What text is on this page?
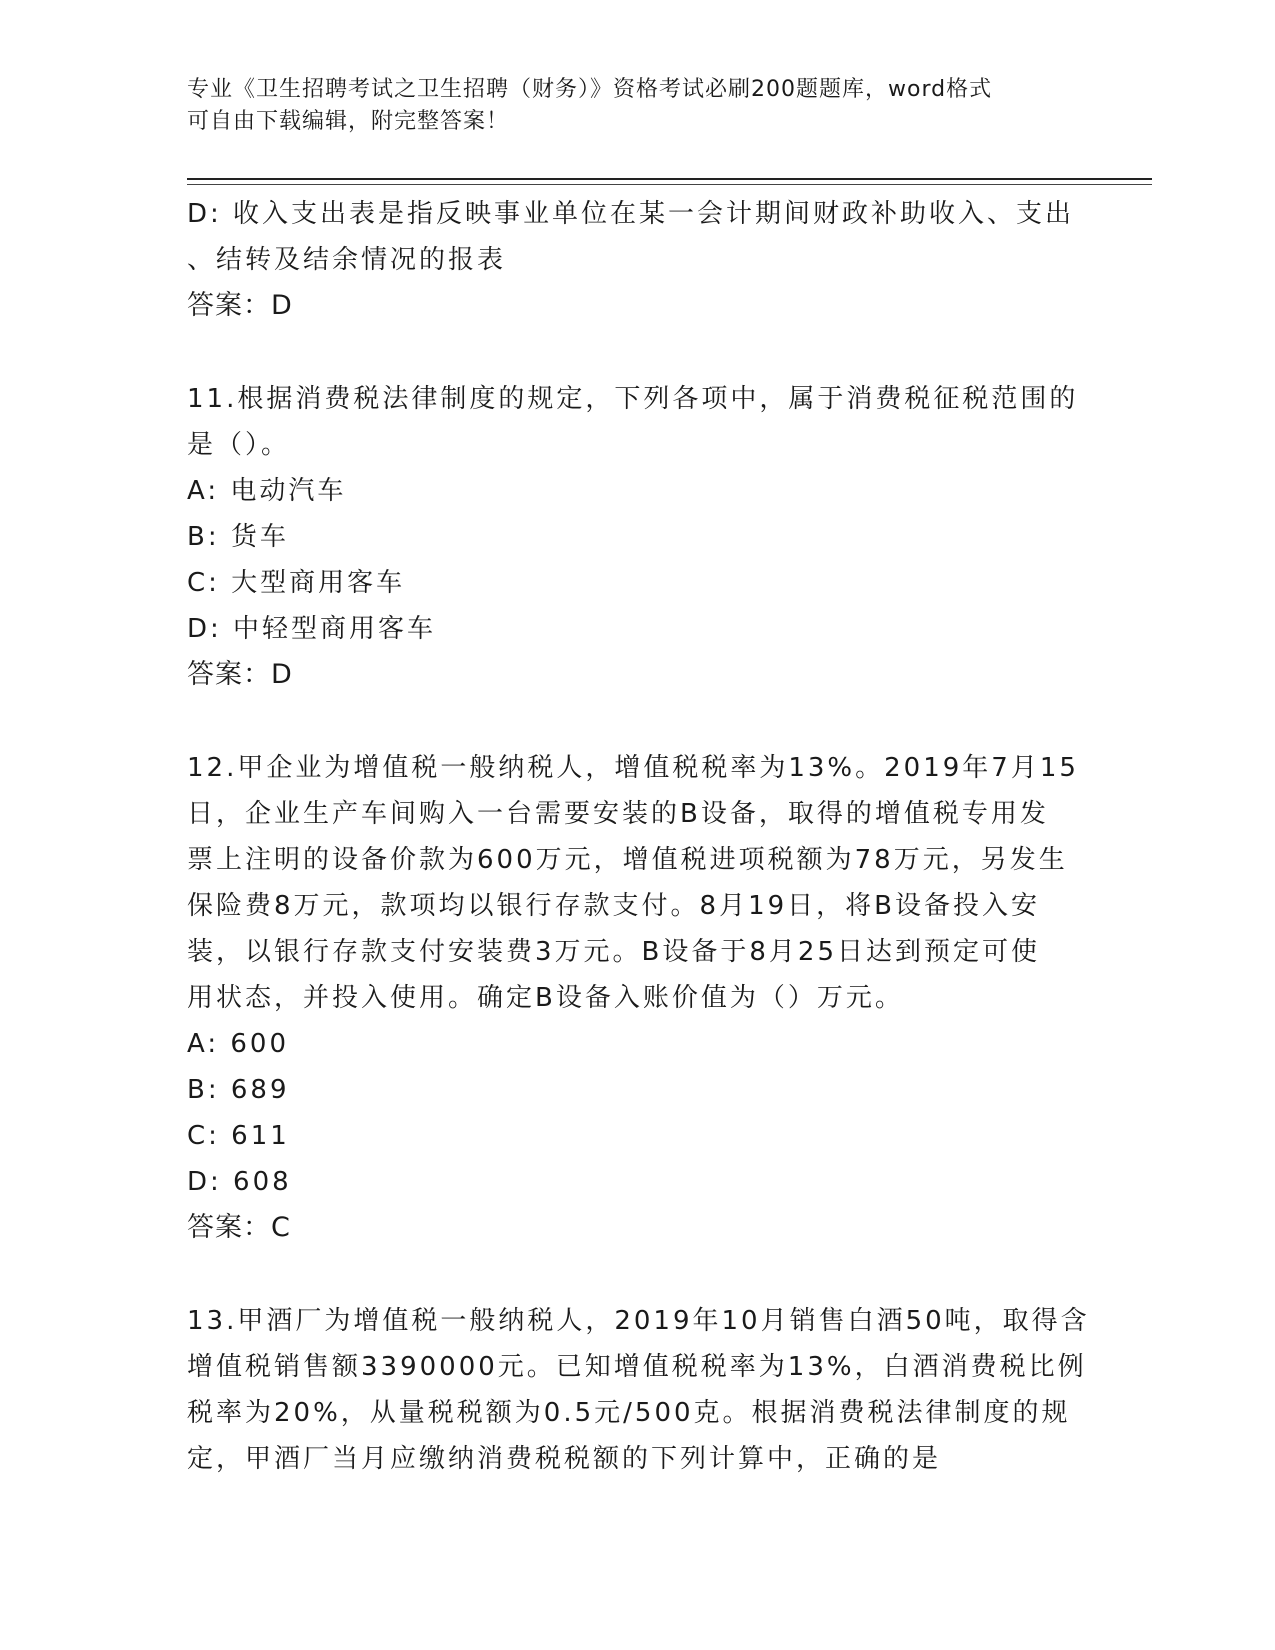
专业《卫生招聘考试之卫生招聘（财务）》资格考试必刷200题题库，word格式
可自由下载编辑，附完整答案！
D: 收入支出表是指反映事业单位在某一会计期间财政补助收入、支出
、结转及结余情况的报表
答案：D
11.根据消费税法律制度的规定，下列各项中，属于消费税征税范围的
是（）。
A: 电动汽车
B: 货车
C: 大型商用客车
D: 中轻型商用客车
答案：D
12.甲企业为增值税一般纳税人，增值税税率为13%。2019年7月15
日，企业生产车间购入一台需要安装的B设备，取得的增值税专用发
票上注明的设备价款为600万元，增值税进项税额为78万元，另发生
保险费8万元，款项均以银行存款支付。8月19日，将B设备投入安
装，以银行存款支付安装费3万元。B设备于8月25日达到预定可使
用状态，并投入使用。确定B设备入账价值为（）万元。
A: 600
B: 689
C: 611
D: 608
答案：C
13.甲酒厂为增值税一般纳税人，2019年10月销售白酒50吨，取得含
增值税销售额3390000元。已知增值税税率为13%，白酒消费税比例
税率为20%，从量税税额为0.5元/500克。根据消费税法律制度的规
定，甲酒厂当月应缴纳消费税税额的下列计算中，正确的是
